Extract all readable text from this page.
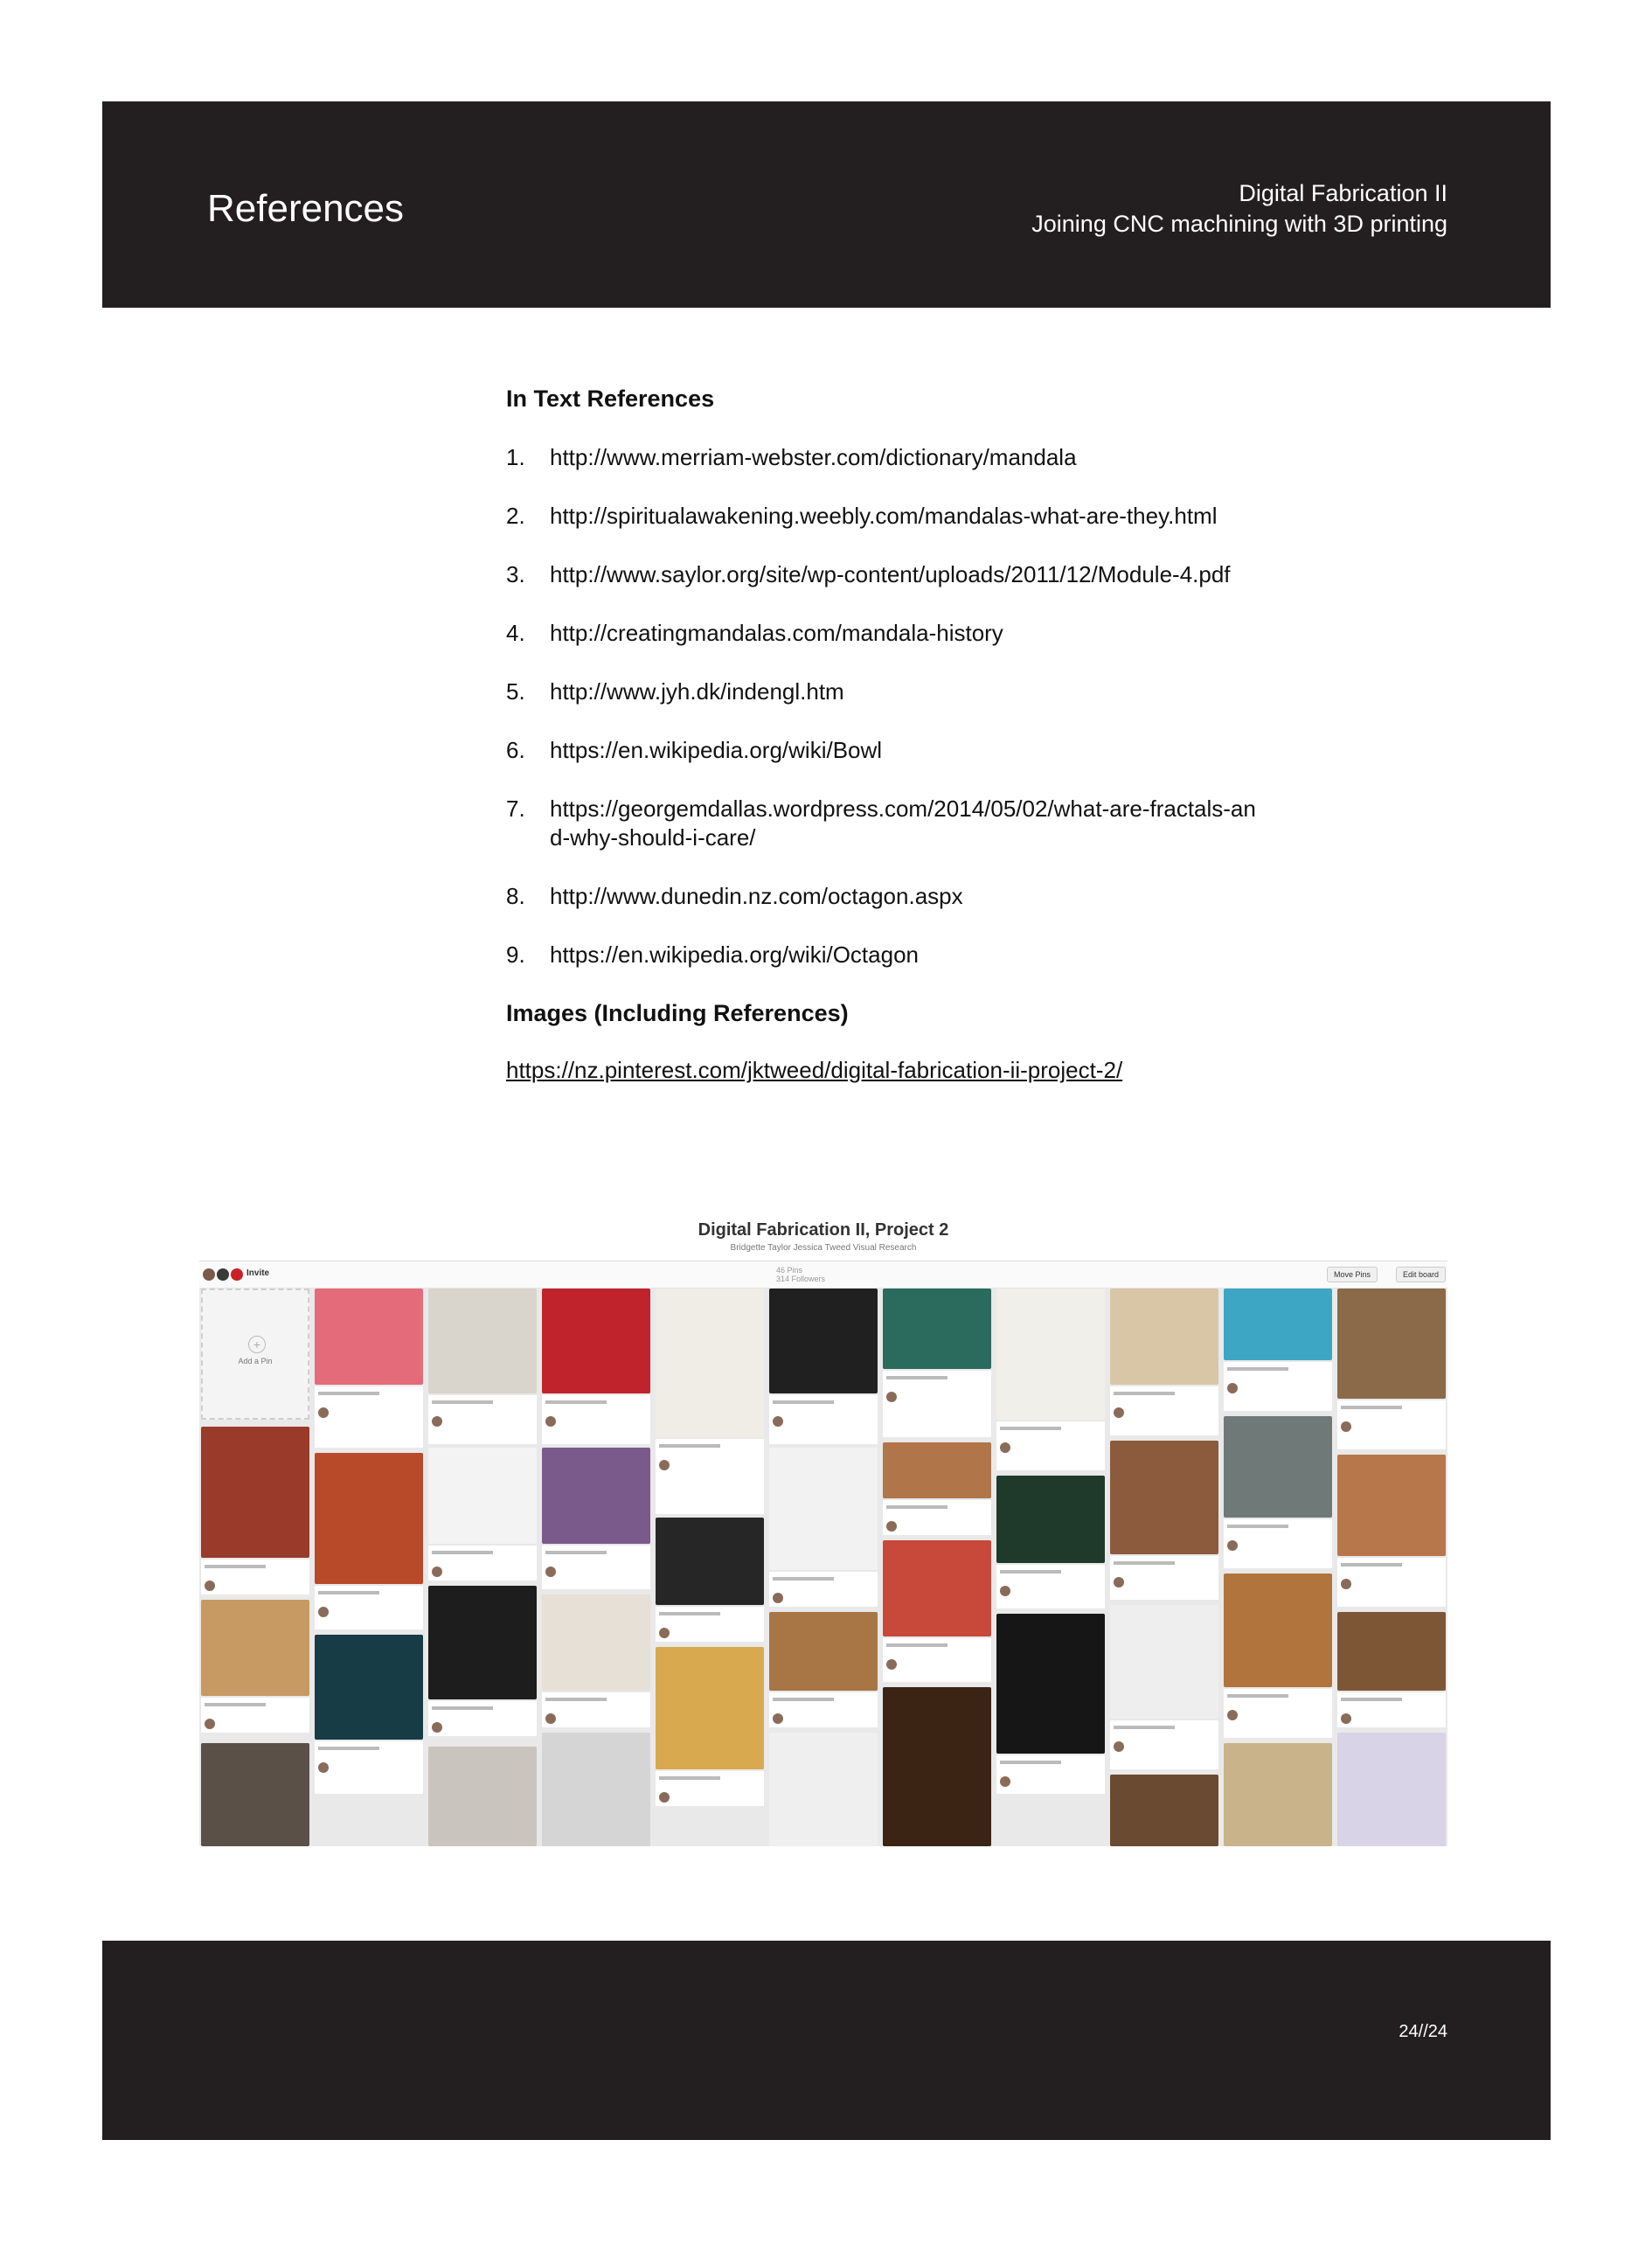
References	Digital Fabrication II
Joining CNC machining with 3D printing
In Text References
1. http://www.merriam-webster.com/dictionary/mandala
2. http://spiritualawakening.weebly.com/mandalas-what-are-they.html
3. http://www.saylor.org/site/wp-content/uploads/2011/12/Module-4.pdf
4. http://creatingmandalas.com/mandala-history
5. http://www.jyh.dk/indengl.htm
6. https://en.wikipedia.org/wiki/Bowl
7. https://georgemdallas.wordpress.com/2014/05/02/what-are-fractals-and-why-should-i-care/
8. http://www.dunedin.nz.com/octagon.aspx
9. https://en.wikipedia.org/wiki/Octagon
Images (Including References)
https://nz.pinterest.com/jktweed/digital-fabrication-ii-project-2/
Digital Fabrication II, Project 2
Bridgette Taylor Jessica Tweed Visual Research
Invite	46 Pins
314 Followers	Move Pins	Edit board
+
Add a Pin
24//24
